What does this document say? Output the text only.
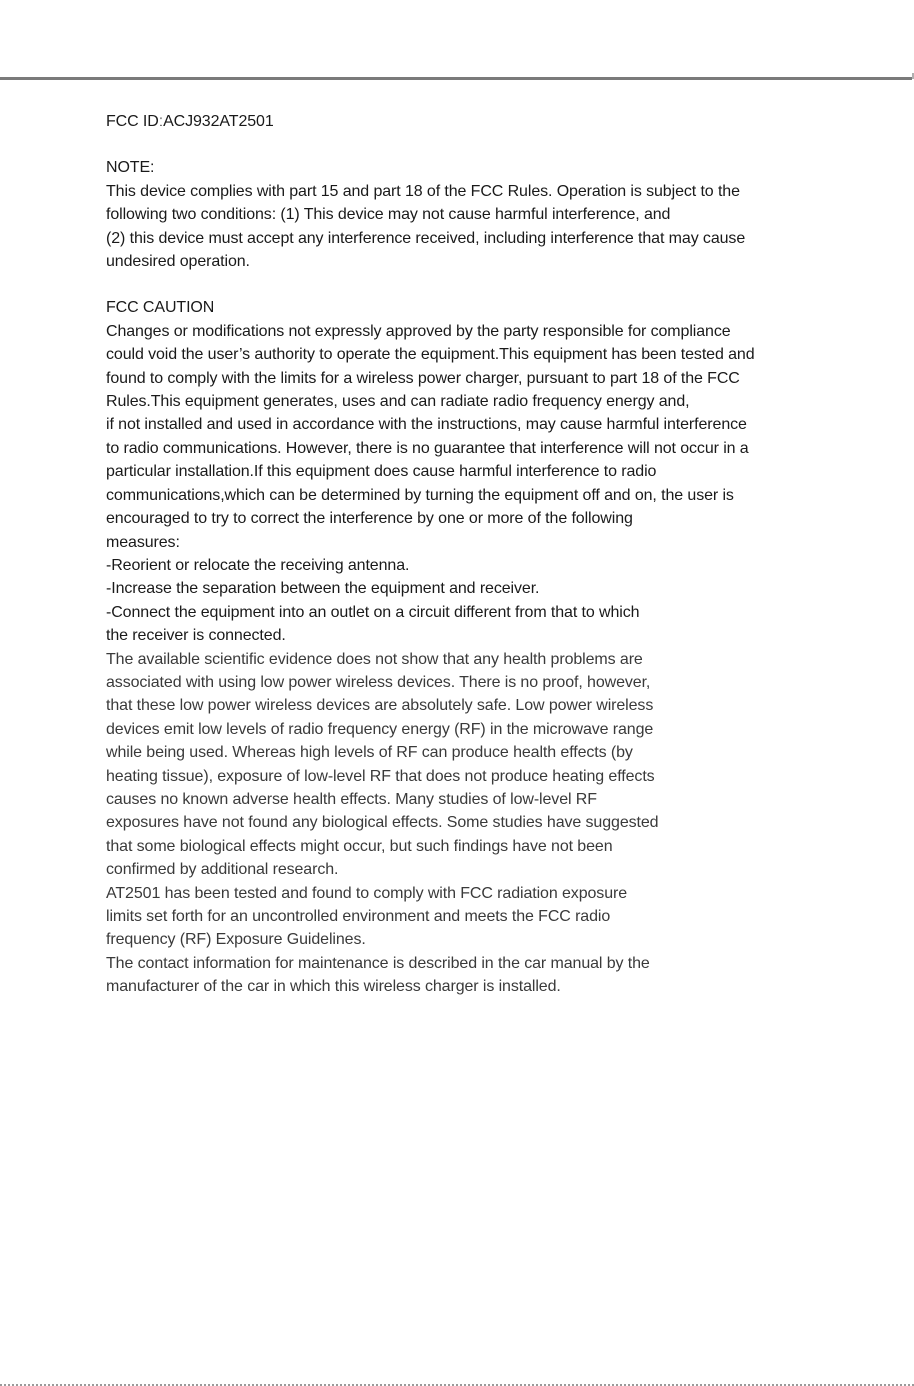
FCC IDːACJ932AT2501
NOTE:
This device complies with part 15 and part 18 of the FCC Rules. Operation is subject to the
following two conditions: (1) This device may not cause harmful interference, and
(2) this device must accept any interference received, including interference that may cause
undesired operation.
FCC CAUTION
Changes or modifications not expressly approved by the party responsible for compliance
could void the user’s authority to operate the equipment.This equipment has been tested and
found to comply with the limits for a wireless power charger, pursuant to part 18 of the FCC
Rules.This equipment generates, uses and can radiate radio frequency energy and,
if not installed and used in accordance with the instructions, may cause harmful interference
to radio communications. However, there is no guarantee that interference will not occur in a
particular installation.If this equipment does cause harmful interference to radio
communications,which can be determined by turning the equipment off and on, the user is
encouraged to try to correct the interference by one or more of the following
measures:
-Reorient or relocate the receiving antenna.
-Increase the separation between the equipment and receiver.
-Connect the equipment into an outlet on a circuit different from that to which
the receiver is connected.
The available scientific evidence does not show that any health problems are
associated with using low power wireless devices. There is no proof, however,
that these low power wireless devices are absolutely safe. Low power wireless
devices emit low levels of radio frequency energy (RF) in the microwave range
while being used. Whereas high levels of RF can produce health effects (by
heating tissue), exposure of low-level RF that does not produce heating effects
causes no known adverse health effects. Many studies of low-level RF
exposures have not found any biological effects. Some studies have suggested
that some biological effects might occur, but such findings have not been
confirmed by additional research.
AT2501 has been tested and found to comply with FCC radiation exposure
limits set forth for an uncontrolled environment and meets the FCC radio
frequency (RF) Exposure Guidelines.
The contact information for maintenance is described in the car manual by the
manufacturer of the car in which this wireless charger is installed.
